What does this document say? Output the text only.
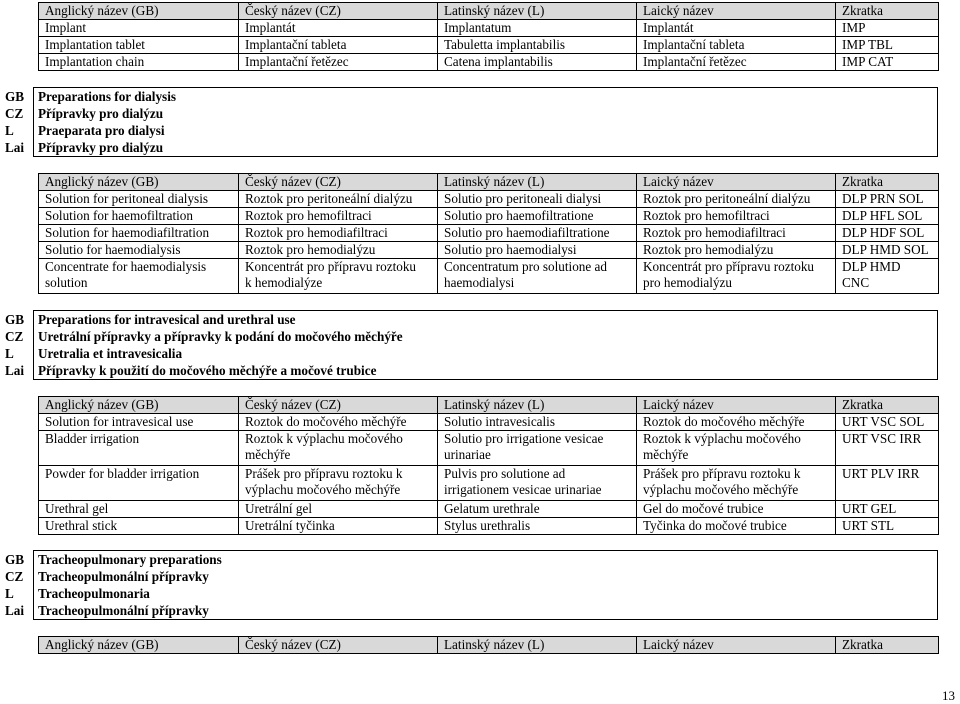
Anglický název (GB)	Český název (CZ)	Latinský název (L)	Laický název	Zkratka
Implant	Implantát	Implantatum	Implantát	IMP
Implantation tablet	Implantační tableta	Tabuletta implantabilis	Implantační tableta	IMP TBL
Implantation chain	Implantační řetězec	Catena implantabilis	Implantační řetězec	IMP CAT
GB	Preparations for dialysis
CZ	Přípravky pro dialýzu
L	Praeparata pro dialysi
Lai	Přípravky pro dialýzu
Anglický název (GB)	Český název (CZ)	Latinský název (L)	Laický název	Zkratka
Solution for peritoneal dialysis	Roztok pro peritoneální dialýzu	Solutio pro peritoneali dialysi	Roztok pro peritoneální dialýzu	DLP PRN SOL
Solution for haemofiltration	Roztok pro hemofiltraci	Solutio pro haemofiltratione	Roztok pro hemofiltraci	DLP HFL SOL
Solution for haemodiafiltration	Roztok pro hemodiafiltraci	Solutio pro haemodiafiltratione	Roztok pro hemodiafiltraci	DLP HDF SOL
Solutio for haemodialysis	Roztok pro hemodialýzu	Solutio pro haemodialysi	Roztok pro hemodialýzu	DLP HMD SOL
Concentrate for haemodialysis solution	Koncentrát pro přípravu roztoku k hemodialýze	Concentratum pro solutione ad haemodialysi	Koncentrát pro přípravu roztoku pro hemodialýzu	DLP HMD CNC
GB	Preparations for intravesical and urethral use
CZ	Uretrální přípravky a přípravky k podání do močového měchýře
L	Uretralia et intravesicalia
Lai	Přípravky k použití do močového měchýře a močové trubice
Anglický název (GB)	Český název (CZ)	Latinský název (L)	Laický název	Zkratka
Solution for intravesical use	Roztok do močového měchýře	Solutio intravesicalis	Roztok do močového měchýře	URT VSC SOL
Bladder irrigation	Roztok k výplachu močového měchýře	Solutio pro irrigatione vesicae urinariae	Roztok k výplachu močového měchýře	URT VSC IRR
Powder for bladder irrigation	Prášek pro přípravu roztoku k výplachu močového měchýře	Pulvis pro solutione ad irrigationem vesicae urinariae	Prášek pro přípravu roztoku k výplachu močového měchýře	URT PLV IRR
Urethral gel	Uretrální gel	Gelatum urethrale	Gel do močové trubice	URT GEL
Urethral stick	Uretrální tyčinka	Stylus urethralis	Tyčinka do močové trubice	URT STL
GB	Tracheopulmonary preparations
CZ	Tracheopulmonální přípravky
L	Tracheopulmonaria
Lai	Tracheopulmonální přípravky
Anglický název (GB)	Český název (CZ)	Latinský název (L)	Laický název	Zkratka
13
